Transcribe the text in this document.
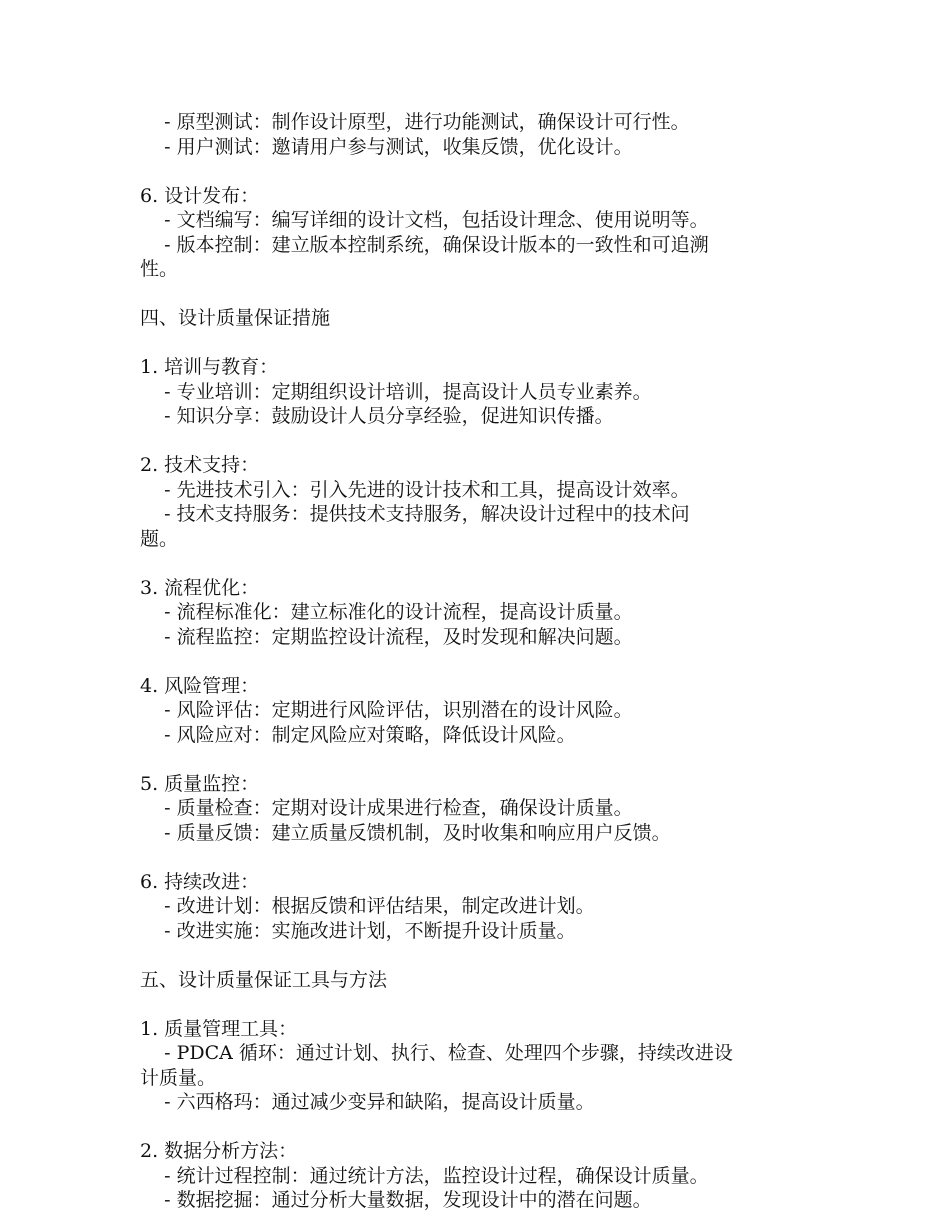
- 原型测试：制作设计原型，进行功能测试，确保设计可行性。
- 用户测试：邀请用户参与测试，收集反馈，优化设计。
6. 设计发布：
- 文档编写：编写详细的设计文档，包括设计理念、使用说明等。
- 版本控制：建立版本控制系统，确保设计版本的一致性和可追溯
性。
四、设计质量保证措施
1. 培训与教育：
- 专业培训：定期组织设计培训，提高设计人员专业素养。
- 知识分享：鼓励设计人员分享经验，促进知识传播。
2. 技术支持：
- 先进技术引入：引入先进的设计技术和工具，提高设计效率。
- 技术支持服务：提供技术支持服务，解决设计过程中的技术问
题。
3. 流程优化：
- 流程标准化：建立标准化的设计流程，提高设计质量。
- 流程监控：定期监控设计流程，及时发现和解决问题。
4. 风险管理：
- 风险评估：定期进行风险评估，识别潜在的设计风险。
- 风险应对：制定风险应对策略，降低设计风险。
5. 质量监控：
- 质量检查：定期对设计成果进行检查，确保设计质量。
- 质量反馈：建立质量反馈机制，及时收集和响应用户反馈。
6. 持续改进：
- 改进计划：根据反馈和评估结果，制定改进计划。
- 改进实施：实施改进计划，不断提升设计质量。
五、设计质量保证工具与方法
1. 质量管理工具：
- PDCA 循环：通过计划、执行、检查、处理四个步骤，持续改进设
计质量。
- 六西格玛：通过减少变异和缺陷，提高设计质量。
2. 数据分析方法：
- 统计过程控制：通过统计方法，监控设计过程，确保设计质量。
- 数据挖掘：通过分析大量数据，发现设计中的潜在问题。
